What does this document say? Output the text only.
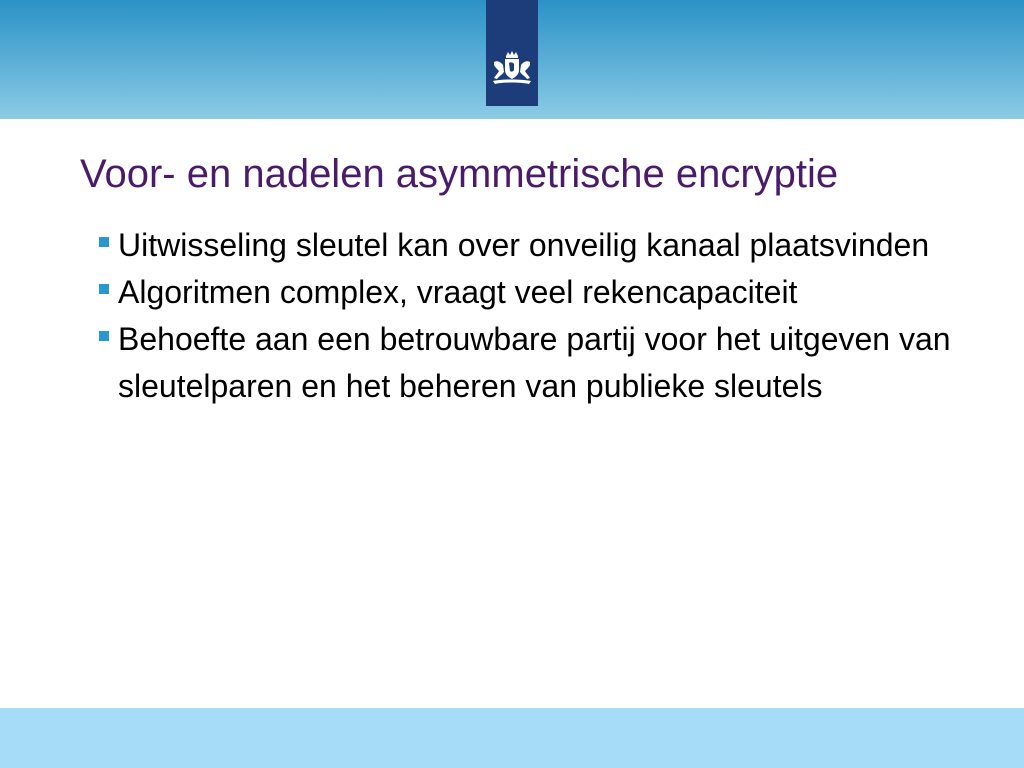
Voor- en nadelen asymmetrische encryptie
Uitwisseling sleutel kan over onveilig kanaal plaatsvinden
Algoritmen complex, vraagt veel rekencapaciteit
Behoefte aan een betrouwbare partij voor het uitgeven van sleutelparen en het beheren van publieke sleutels
